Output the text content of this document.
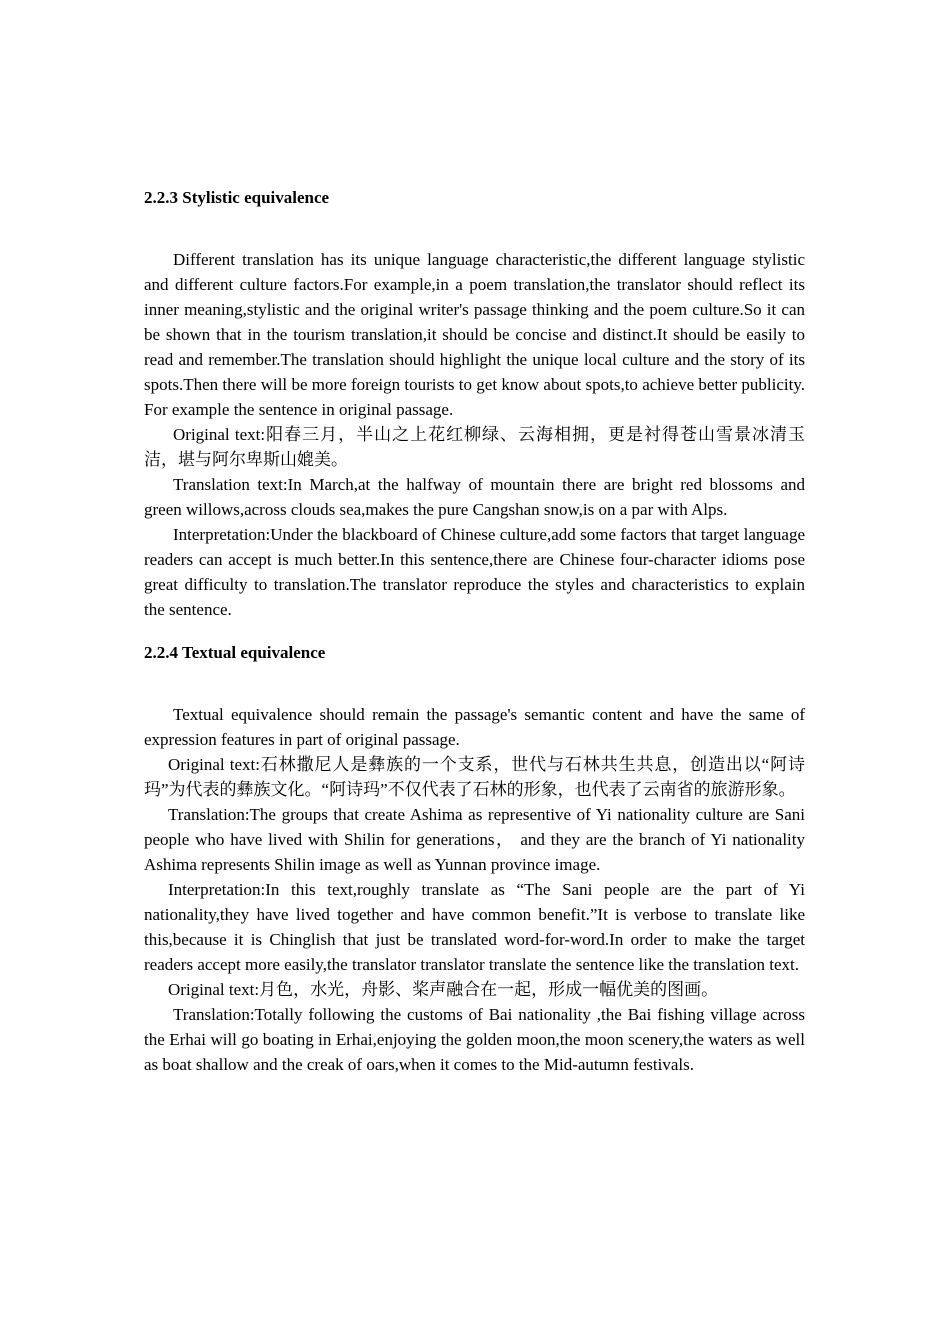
2.2.3 Stylistic equivalence

Different translation has its unique language characteristic,the different language stylistic and different culture factors.For example,in a poem translation,the translator should reflect its inner meaning,stylistic and the original writer's passage thinking and the poem culture.So it can be shown that in the tourism translation,it should be concise and distinct.It should be easily to read and remember.The translation should highlight the unique local culture and the story of its spots.Then there will be more foreign tourists to get know about spots,to achieve better publicity. For example the sentence in original passage.

Original text:阳春三月，半山之上花红柳绿、云海相拥，更是衬得苍山雪景冰清玉洁，堪与阿尔卑斯山媲美。

Translation text:In March,at the halfway of mountain there are bright red blossoms and green willows,across clouds sea,makes the pure Cangshan snow,is on a par with Alps.

Interpretation:Under the blackboard of Chinese culture,add some factors that target language readers can accept is much better.In this sentence,there are Chinese four-character idioms pose great difficulty to translation.The translator reproduce the styles and characteristics to explain the sentence.

2.2.4 Textual equivalence

Textual equivalence should remain the passage's semantic content and have the same of expression features in part of original passage.

Original text:石林撒尼人是彝族的一个支系，世代与石林共生共息，创造出以“阿诗玛”为代表的彝族文化。“阿诗玛”不仅代表了石林的形象，也代表了云南省的旅游形象。

Translation:The groups that create Ashima as representive of Yi nationality culture are Sani people who have lived with Shilin for generations， and they are the branch of Yi nationality Ashima represents Shilin image as well as Yunnan province image.

Interpretation:In this text,roughly translate as “The Sani people are the part of Yi nationality,they have lived together and have common benefit.”It is verbose to translate like this,because it is Chinglish that just be translated word-for-word.In order to make the target readers accept more easily,the translator translator translate the sentence like the translation text.

Original text:月色，水光，舟影、桨声融合在一起，形成一幅优美的图画。

Translation:Totally following the customs of Bai nationality ,the Bai fishing village across the Erhai will go boating in Erhai,enjoying the golden moon,the moon scenery,the waters as well as boat shallow and the creak of oars,when it comes to the Mid-autumn festivals.
